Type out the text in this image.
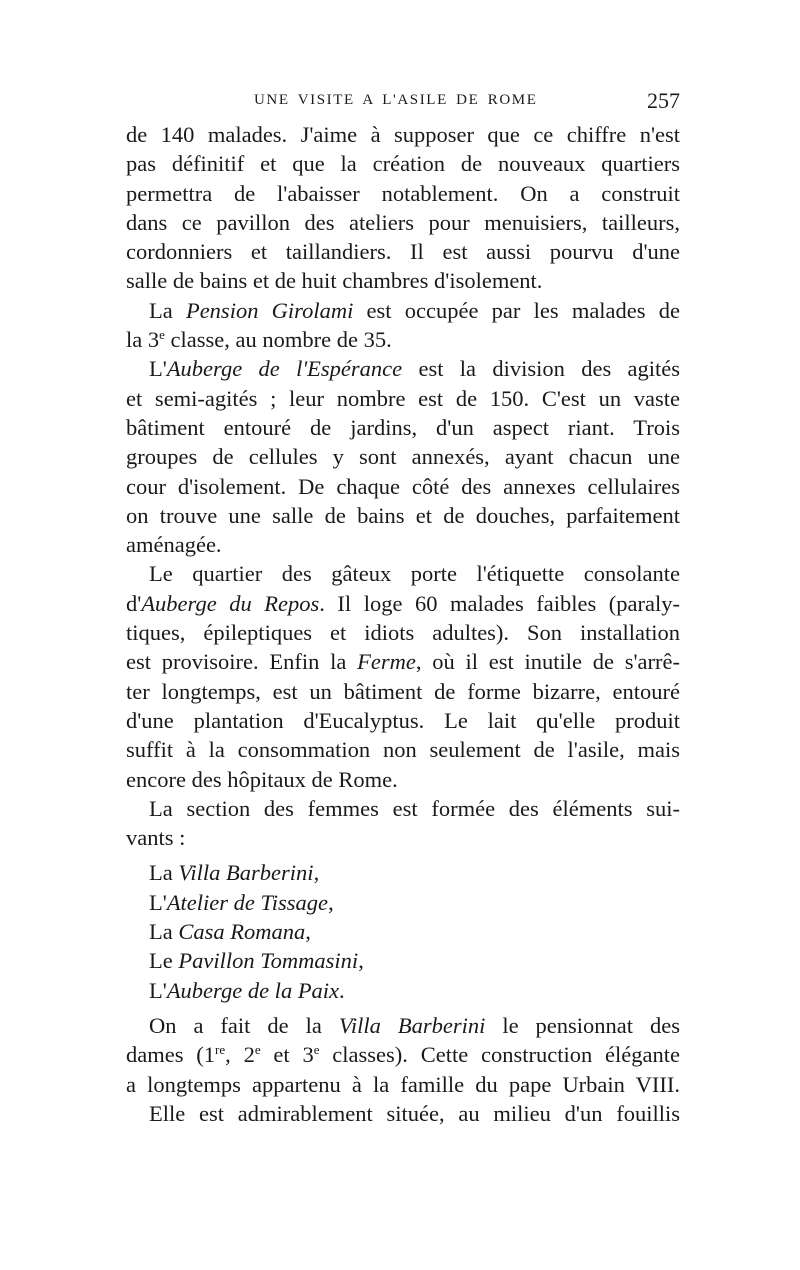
UNE VISITE A L'ASILE DE ROME	257

de 140 malades. J'aime à supposer que ce chiffre n'est
pas définitif et que la création de nouveaux quartiers
permettra de l'abaisser notablement. On a construit
dans ce pavillon des ateliers pour menuisiers, tailleurs,
cordonniers et taillandiers. Il est aussi pourvu d'une
salle de bains et de huit chambres d'isolement.

La Pension Girolami est occupée par les malades de
la 3e classe, au nombre de 35.

L'Auberge de l'Espérance est la division des agités
et semi-agités ; leur nombre est de 150. C'est un vaste
bâtiment entouré de jardins, d'un aspect riant. Trois
groupes de cellules y sont annexés, ayant chacun une
cour d'isolement. De chaque côté des annexes cellulaires
on trouve une salle de bains et de douches, parfaitement
aménagée.

Le quartier des gâteux porte l'étiquette consolante
d'Auberge du Repos. Il loge 60 malades faibles (paraly-
tiques, épileptiques et idiots adultes). Son installation
est provisoire. Enfin la Ferme, où il est inutile de s'arrê-
ter longtemps, est un bâtiment de forme bizarre, entouré
d'une plantation d'Eucalyptus. Le lait qu'elle produit
suffit à la consommation non seulement de l'asile, mais
encore des hôpitaux de Rome.

La section des femmes est formée des éléments sui-
vants :

La Villa Barberini,
L'Atelier de Tissage,
La Casa Romana,
Le Pavillon Tommasini,
L'Auberge de la Paix.

On a fait de la Villa Barberini le pensionnat des
dames (1re, 2e et 3e classes). Cette construction élégante
a longtemps appartenu à la famille du pape Urbain VIII.
Elle est admirablement située, au milieu d'un fouillis
